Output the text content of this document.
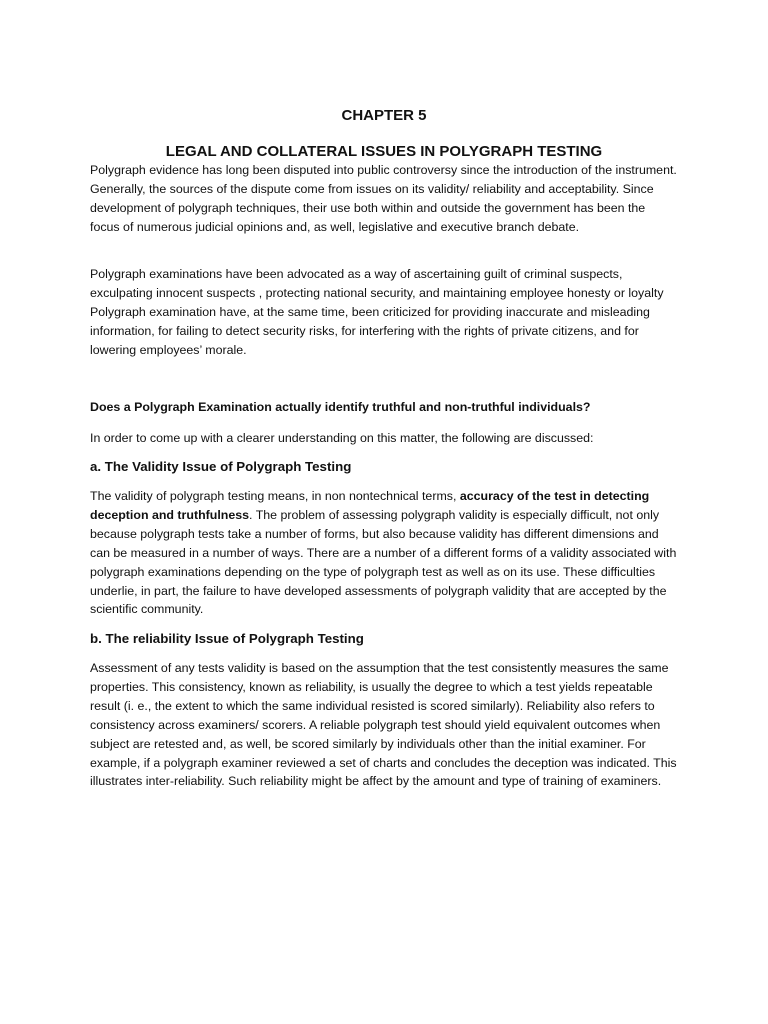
CHAPTER 5
LEGAL AND COLLATERAL ISSUES IN POLYGRAPH TESTING

Polygraph evidence has long been disputed into public controversy since the introduction of the instrument. Generally, the sources of the dispute come from issues on its validity/ reliability and acceptability. Since development of polygraph techniques, their use both within and outside the government has been the focus of numerous judicial opinions and, as well, legislative and executive branch debate.

Polygraph examinations have been advocated as a way of ascertaining guilt of criminal suspects, exculpating innocent suspects , protecting national security, and maintaining employee honesty or loyalty Polygraph examination have, at the same time, been criticized for providing inaccurate and misleading information, for failing to detect security risks, for interfering with the rights of private citizens, and for lowering employees’ morale.

Does a Polygraph Examination actually identify truthful and non-truthful individuals?

In order to come up with a clearer understanding on this matter, the following are discussed:

a. The Validity Issue of Polygraph Testing

The validity of polygraph testing means, in non nontechnical terms, accuracy of the test in detecting deception and truthfulness. The problem of assessing polygraph validity is especially difficult, not only because polygraph tests take a number of forms, but also because validity has different dimensions and can be measured in a number of ways. There are a number of a different forms of a validity associated with polygraph examinations depending on the type of polygraph test as well as on its use. These difficulties underlie, in part, the failure to have developed assessments of polygraph validity that are accepted by the scientific community.

b. The reliability Issue of Polygraph Testing

Assessment of any tests validity is based on the assumption that the test consistently measures the same properties. This consistency, known as reliability, is usually the degree to which a test yields repeatable result (i. e., the extent to which the same individual resisted is scored similarly). Reliability also refers to consistency across examiners/ scorers. A reliable polygraph test should yield equivalent outcomes when subject are retested and, as well, be scored similarly by individuals other than the initial examiner. For example, if a polygraph examiner reviewed a set of charts and concludes the deception was indicated. This illustrates inter-reliability. Such reliability might be affect by the amount and type of training of examiners.
